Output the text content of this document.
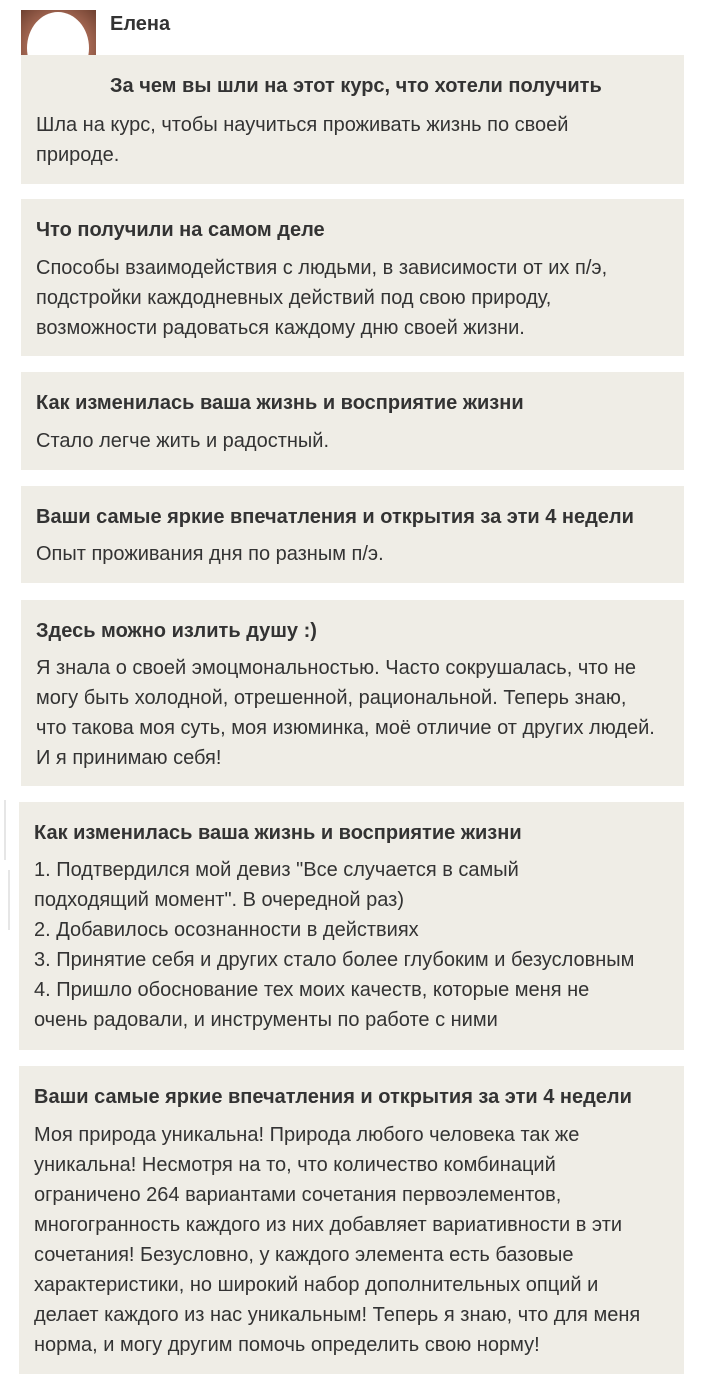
Елена
За чем вы шли на этот курс, что хотели получить
Шла на курс, чтобы научиться проживать жизнь по своей природе.
Что получили на самом деле
Способы взаимодействия с людьми, в зависимости от их п/э, подстройки каждодневных действий под свою природу, возможности радоваться каждому дню своей жизни.
Как изменилась ваша жизнь и восприятие жизни
Стало легче жить и радостный.
Ваши самые яркие впечатления и открытия за эти 4 недели
Опыт проживания дня по разным п/э.
Здесь можно излить душу :)
Я знала о своей эмоцмональностью. Часто сокрушалась, что не могу быть холодной, отрешенной, рациональной. Теперь знаю, что такова моя суть, моя изюминка, моё отличие от других людей. И я принимаю себя!
Как изменилась ваша жизнь и восприятие жизни

1. Подтвердился мой девиз "Все случается в самый подходящий момент". В очередной раз)

2. Добавилось осознанности в действиях

3. Принятие себя и других стало более глубоким и безусловным

4. Пришло обоснование тех моих качеств, которые меня не очень радовали, и инструменты по работе с ними

Ваши самые яркие впечатления и открытия за эти 4 недели
Моя природа уникальна! Природа любого человека так же уникальна! Несмотря на то, что количество комбинаций ограничено 264 вариантами сочетания первоэлементов, многогранность каждого из них добавляет вариативности в эти сочетания! Безусловно, у каждого элемента есть базовые характеристики, но широкий набор дополнительных опций и делает каждого из нас уникальным! Теперь я знаю, что для меня норма, и могу другим помочь определить свою норму!
